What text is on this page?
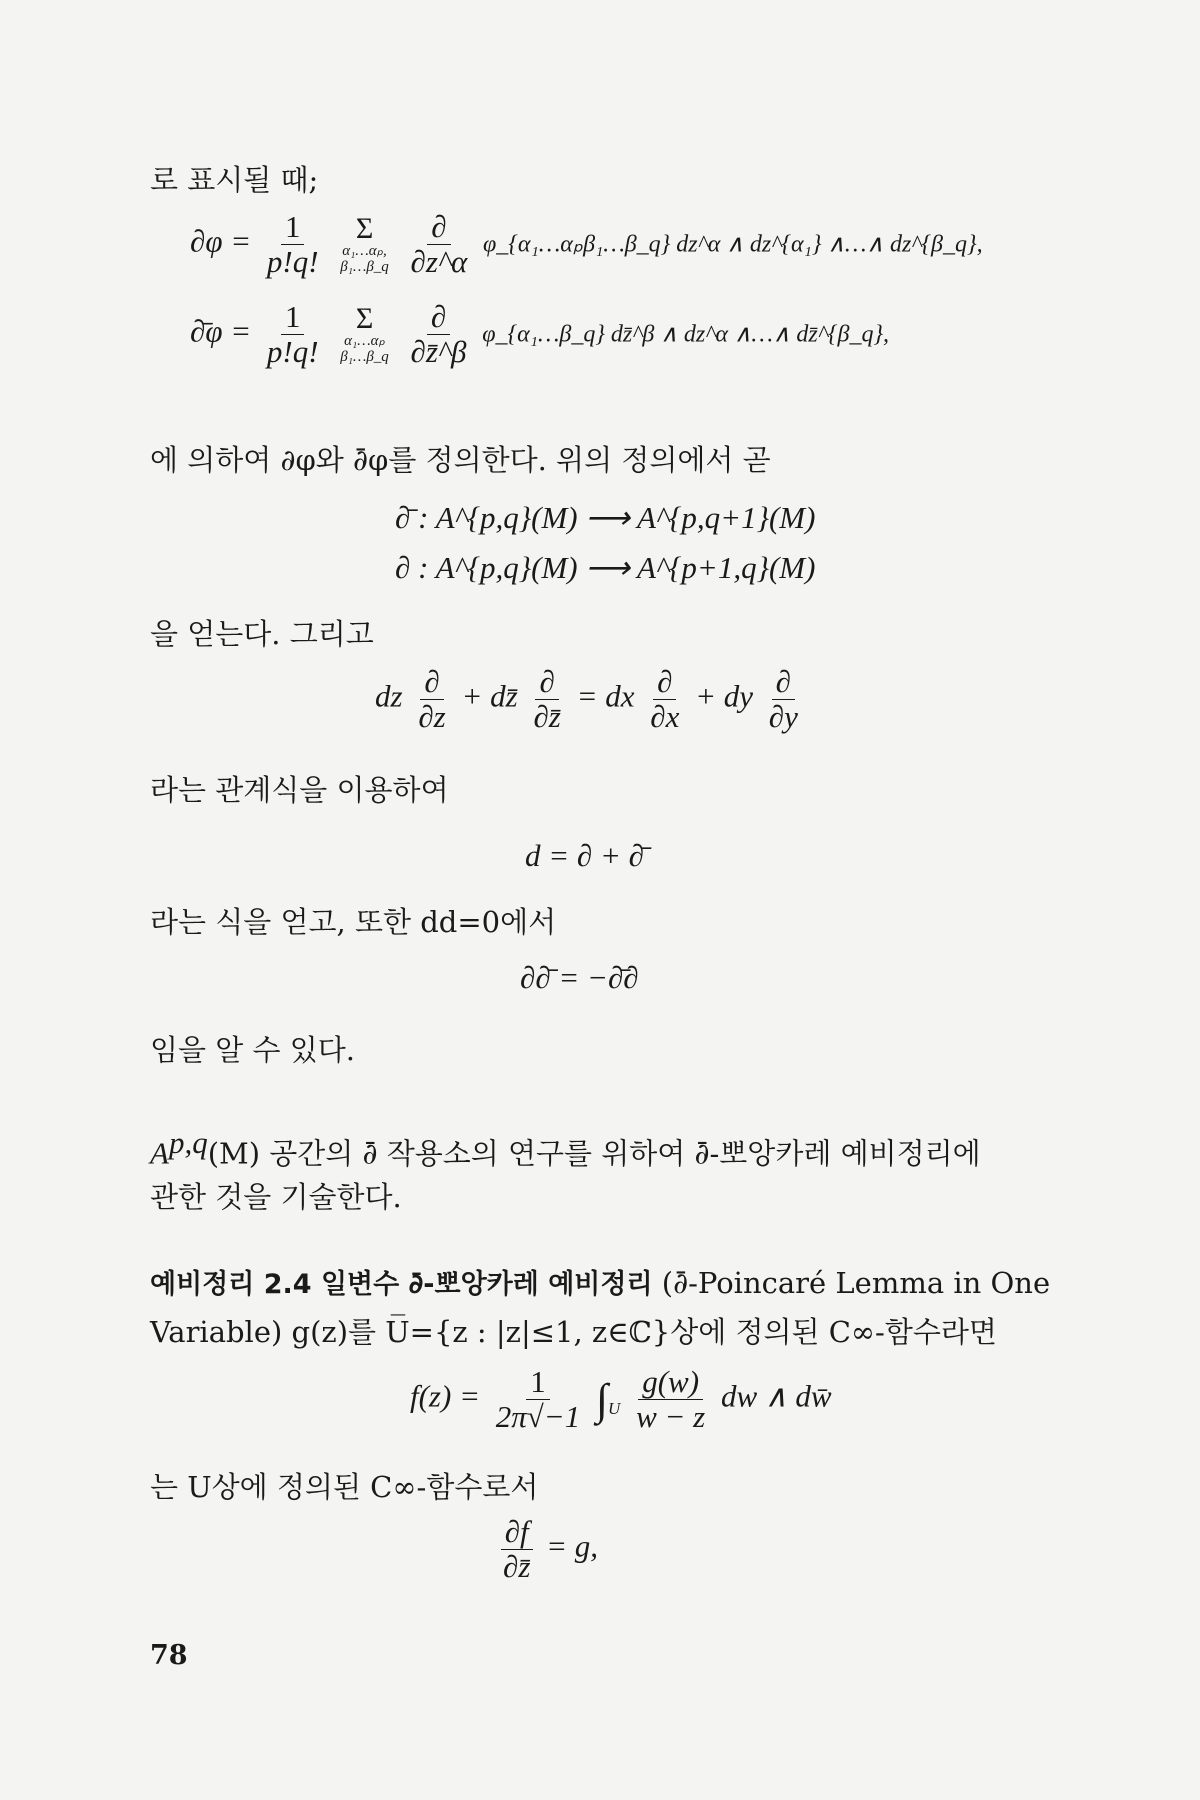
로 표시될 때;
$\partial\varphi = \frac{1}{p!q!}$
Σ
α₁…αₚ,
β₁…β_q
$\frac{\partial}{\partial z\^{}\alpha}$ φ_{α₁…αₚβ₁…β_q} dz^α ∧ dz^{α₁} ∧…∧ dz^{β_q},
∂̄φ = $\frac{1}{p!q!}$
Σ
α₁…αₚ
β₁…β_q
$\frac{\partial}{\partial z̄\^{}\beta}$ φ_{α₁…β_q} dz̄^β ∧ dz^α ∧…∧ dz̄^{β_q},
에 의하여 ∂φ와 ∂̄φ를 정의한다. 위의 정의에서 곧
∂̄ : A^{p,q}(M) ⟶ A^{p,q+1}(M)
∂ : A^{p,q}(M) ⟶ A^{p+1,q}(M)
을 얻는다. 그리고
dz $\frac{\partial}{\partial z}$ + dz̄ $\frac{\partial}{\partial z̄}$ = dx $\frac{\partial}{\partial x}$ + dy $\frac{\partial}{\partial y}$
라는 관계식을 이용하여
d = ∂ + ∂̄
라는 식을 얻고, 또한 dd=0에서
∂∂̄ = −∂̄∂
임을 알 수 있다.
A$^{p,q}$(M) 공간의 ∂̄ 작용소의 연구를 위하여 ∂̄-뽀앙카레 예비정리에
관한 것을 기술한다.
예비정리 2.4 일변수 ∂̄-뽀앙카레 예비정리 (∂̄-Poincaré Lemma in One
Variable) g(z)를 U̅={z : |z|≤1, z∈ℂ}상에 정의된 C∞-함수라면
$f(z) = \frac{1}{2\pi√-1} \int_U \frac{g(w)}{w - z}$ dw ∧ dw̄
는 U상에 정의된 C∞-함수로서
$\frac{\partial f}{\partial z̄} = g$,
78
